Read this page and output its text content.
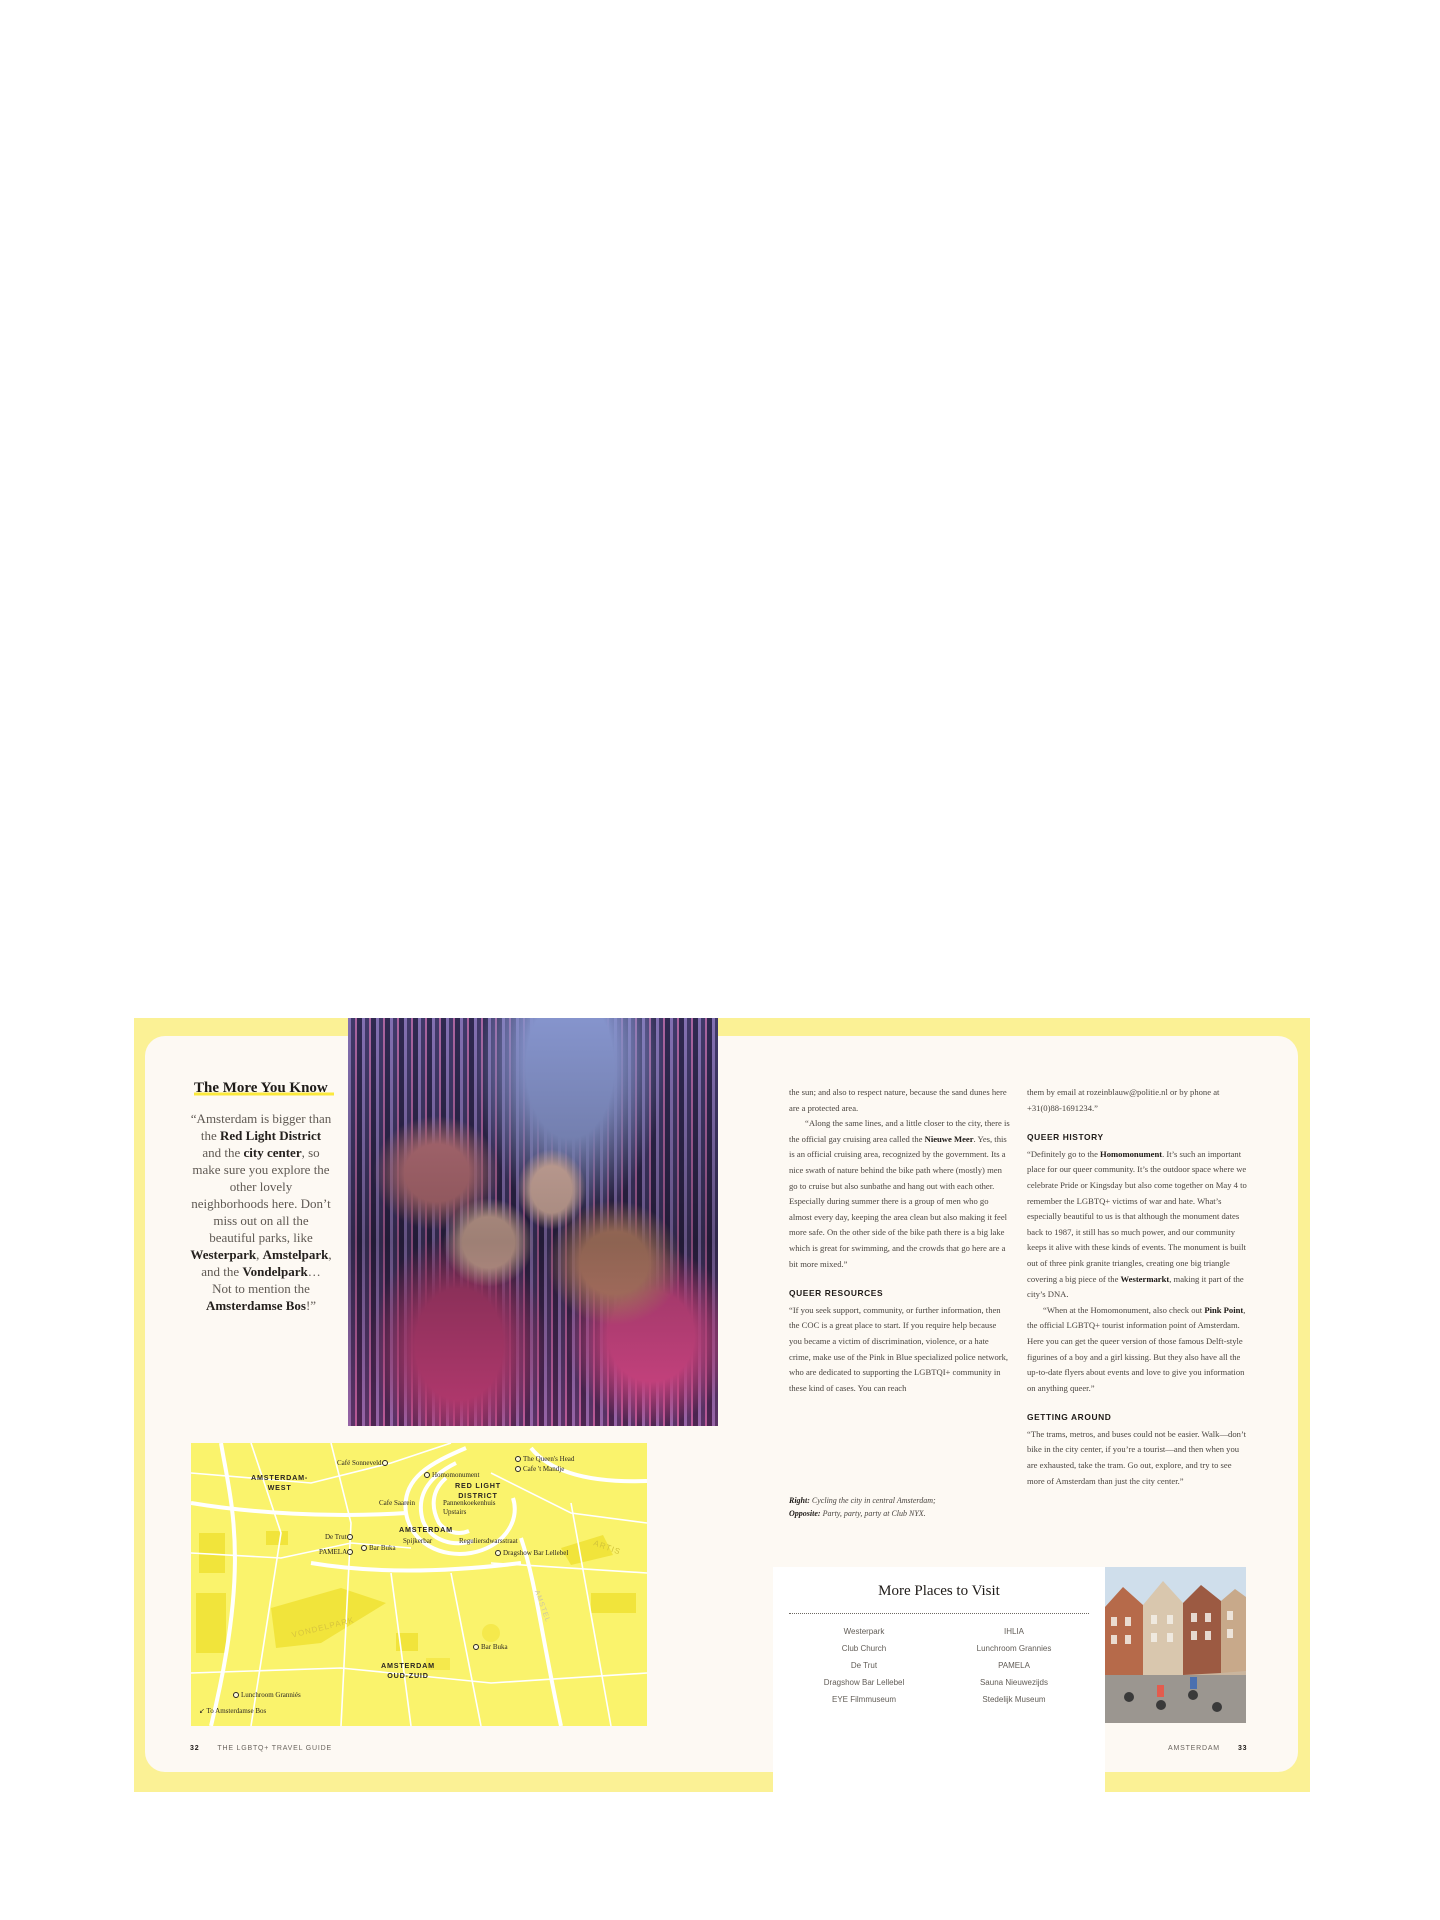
The More You Know
“Amsterdam is bigger than the Red Light District and the city center, so make sure you explore the other lovely neighborhoods here. Don’t miss out on all the beautiful parks, like Westerpark, Amstelpark, and the Vondelpark… Not to mention the Amsterdamse Bos!”

the sun; and also to respect nature, because the sand dunes here are a protected area.

“Along the same lines, and a little closer to the city, there is the official gay cruising area called the Nieuwe Meer. Yes, this is an official cruising area, recognized by the government. Its a nice swath of nature behind the bike path where (mostly) men go to cruise but also sunbathe and hang out with each other. Especially during summer there is a group of men who go almost every day, keeping the area clean but also making it feel more safe. On the other side of the bike path there is a big lake which is great for swimming, and the crowds that go here are a bit more mixed.”

QUEER RESOURCES

“If you seek support, community, or further information, then the COC is a great place to start. If you require help because you became a victim of discrimination, violence, or a hate crime, make use of the Pink in Blue specialized police network, who are dedicated to supporting the LGBTQI+ community in these kind of cases. You can reach

Right: Cycling the city in central Amsterdam; Opposite: Party, party, party at Club NYX.

them by email at rozeinblauw@politie.nl or by phone at +31(0)88-1691234.”

QUEER HISTORY

“Definitely go to the Homomonument. It’s such an important place for our queer community. It’s the outdoor space where we celebrate Pride or Kingsday but also come together on May 4 to remember the LGBTQ+ victims of war and hate. What’s especially beautiful to us is that although the monument dates back to 1987, it still has so much power, and our community keeps it alive with these kinds of events. The monument is built out of three pink granite triangles, creating one big triangle covering a big piece of the Westermarkt, making it part of the city’s DNA.

“When at the Homomonument, also check out Pink Point, the official LGBTQ+ tourist information point of Amsterdam. Here you can get the queer version of those famous Delft-style figurines of a boy and a girl kissing. But they also have all the up-to-date flyers about events and love to give you information on anything queer.”

GETTING AROUND

“The trams, metros, and buses could not be easier. Walk—don’t bike in the city center, if you’re a tourist—and then when you are exhausted, take the tram. Go out, explore, and try to see more of Amsterdam than just the city center.”

AMSTERDAM-
WEST	RED LIGHT
DISTRICT
AMSTERDAM
AMSTERDAM
OUD-ZUID
Café Sonneveld	The Queen's Head
Cafe 't Mandje
Homomonument
Cafe Saarein	Pannenkoekenhuis
Upstairs
De Trut
PAMELA	Bar Buka
Spijkerbar	Reguliersdwarsstraat
Dragshow Bar Lellebel
Bar Buka
Lunchroom Granniés
↙ To Amsterdamse Bos
VONDELPARK
ARTIS
AMSTEL	More Places to Visit
Westerpark	IHLIA
Club Church	Lunchroom Grannies
De Trut	PAMELA
Dragshow Bar Lellebel	Sauna Nieuwezijds
EYE Filmmuseum	Stedelijk Museum
32	THE LGBTQ+ TRAVEL GUIDE	AMSTERDAM	33
